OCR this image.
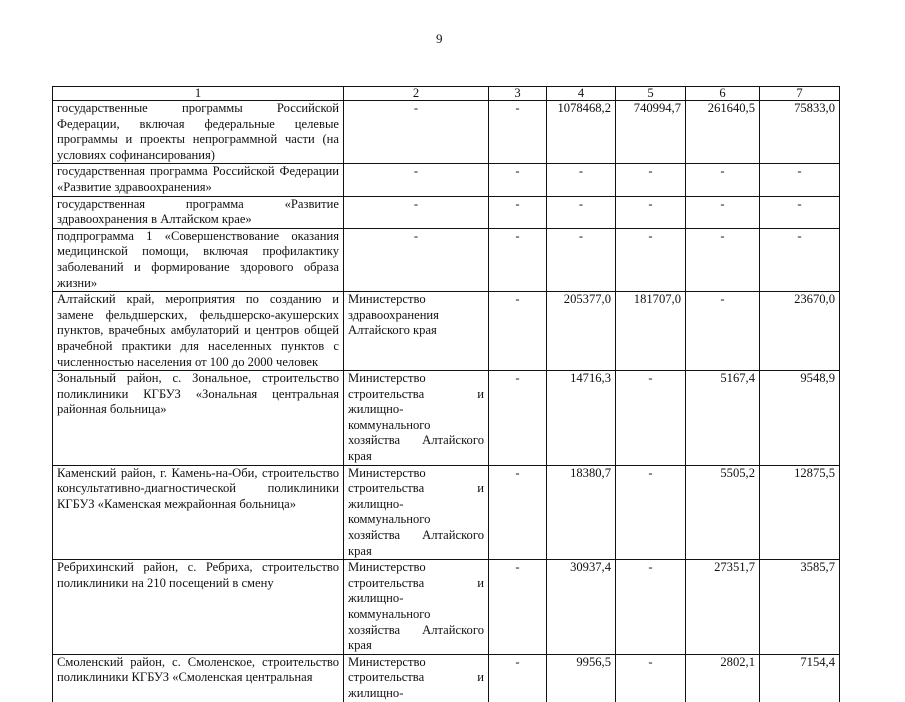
9
1	2	3	4	5	6	7
государственные программы Российской Федерации, включая федеральные целевые программы и проекты непрограммной части (на условиях софинансирования)	-	-	1078468,2	740994,7	261640,5	75833,0
государственная программа Российской Федерации «Развитие здравоохранения»	-	-	-	-	-	-
государственная программа «Развитие здравоохранения в Алтайском крае»	-	-	-	-	-	-
подпрограмма 1 «Совершенствование оказания медицинской помощи, включая профилактику заболеваний и формирование здорового образа жизни»	-	-	-	-	-	-
Алтайский край, мероприятия по созданию и замене фельдшерских, фельдшерско-акушерских пунктов, врачебных амбулаторий и центров общей врачебной практики для населенных пунктов с численностью населения от 100 до 2000 человек	Министерство здравоохранения Алтайского края	-	205377,0	181707,0	-	23670,0
Зональный район, с. Зональное, строительство поликлиники КГБУЗ «Зональная центральная районная больница»	Министерство строительства и жилищно-коммунального хозяйства Алтайского края	-	14716,3	-	5167,4	9548,9
Каменский район, г. Камень-на-Оби, строительство консультативно-диагностической поликлиники КГБУЗ «Каменская межрайонная больница»	Министерство строительства и жилищно-коммунального хозяйства Алтайского края	-	18380,7	-	5505,2	12875,5
Ребрихинский район, с. Ребриха, строительство поликлиники на 210 посещений в смену	Министерство строительства и жилищно-коммунального хозяйства Алтайского края	-	30937,4	-	27351,7	3585,7
Смоленский район, с. Смоленское, строительство поликлиники КГБУЗ «Смоленская центральная	Министерство строительства и жилищно-	-	9956,5	-	2802,1	7154,4
